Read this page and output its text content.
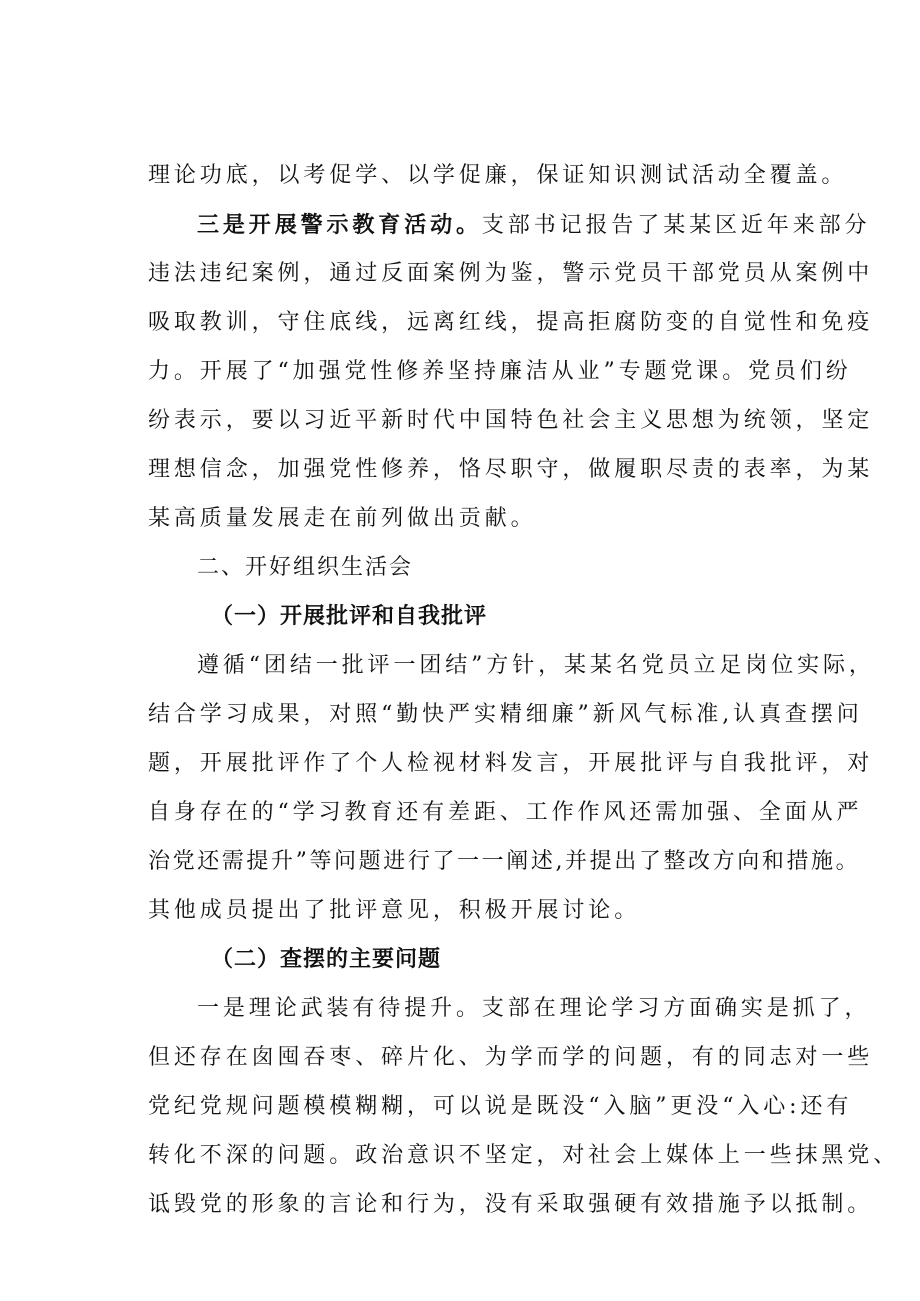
理论功底，以考促学、以学促廉，保证知识测试活动全覆盖。
三是开展警示教育活动。支部书记报告了某某区近年来部分
违法违纪案例，通过反面案例为鉴，警示党员干部党员从案例中
吸取教训，守住底线，远离红线，提高拒腐防变的自觉性和免疫
力。开展了“加强党性修养坚持廉洁从业”专题党课。党员们纷
纷表示，要以习近平新时代中国特色社会主义思想为统领，坚定
理想信念，加强党性修养，恪尽职守，做履职尽责的表率，为某
某高质量发展走在前列做出贡献。
二、开好组织生活会
（一）开展批评和自我批评
遵循“团结一批评一团结”方针，某某名党员立足岗位实际，
结合学习成果，对照“勤快严实精细廉”新风气标准,认真查摆问
题，开展批评作了个人检视材料发言，开展批评与自我批评，对
自身存在的“学习教育还有差距、工作作风还需加强、全面从严
治党还需提升”等问题进行了一一阐述,并提出了整改方向和措施。
其他成员提出了批评意见，积极开展讨论。
（二）查摆的主要问题
一是理论武装有待提升。支部在理论学习方面确实是抓了，
但还存在囱囤吞枣、碎片化、为学而学的问题，有的同志对一些
党纪党规问题模模糊糊，可以说是既没“入脑”更没“入心:还有
转化不深的问题。政治意识不坚定，对社会上媒体上一些抹黑党、
诋毁党的形象的言论和行为，没有采取强硬有效措施予以抵制。
